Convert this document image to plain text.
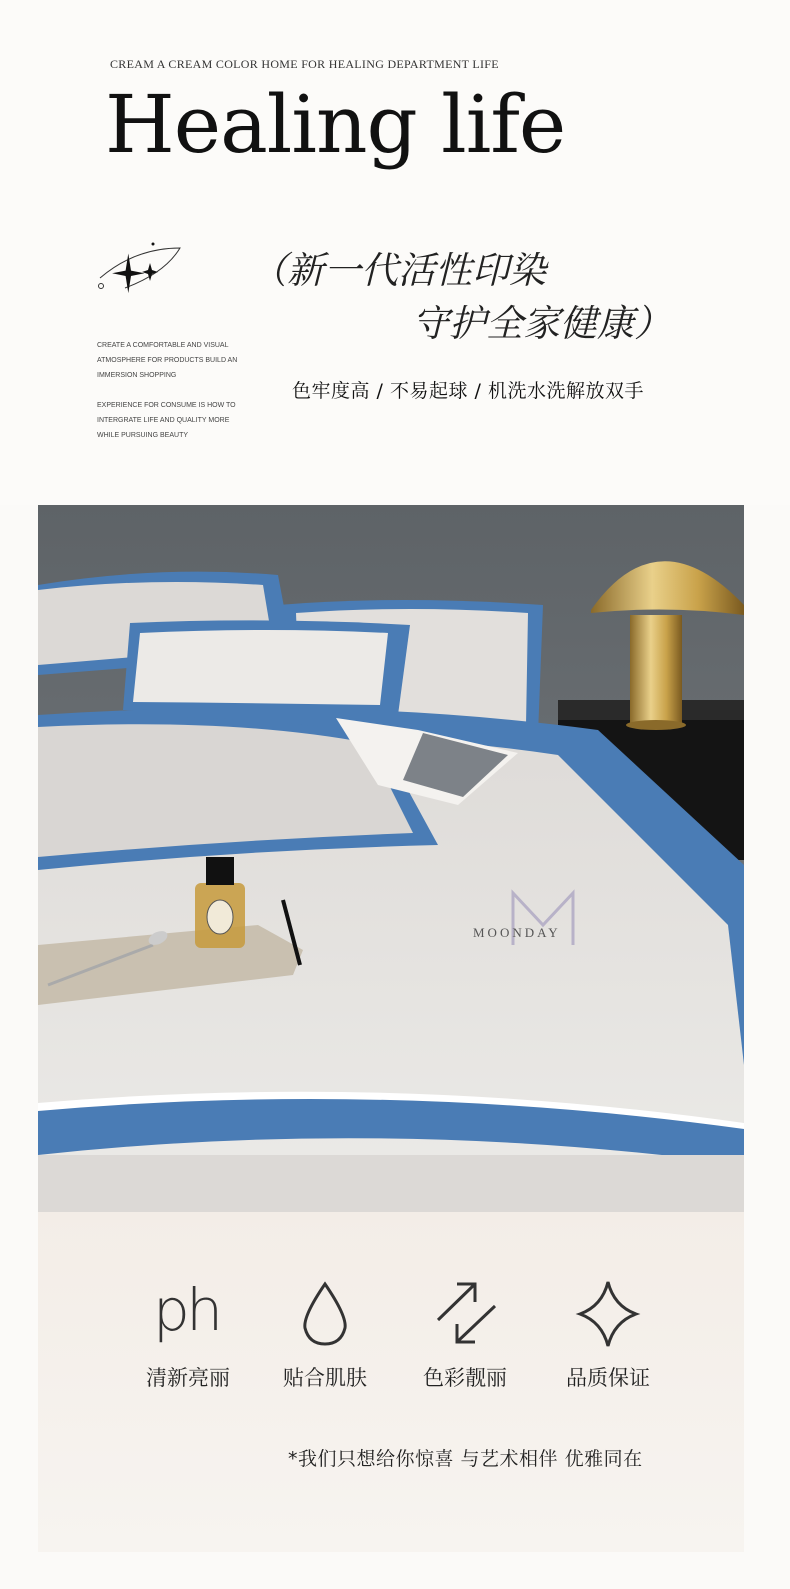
CREAM A CREAM COLOR HOME FOR HEALING DEPARTMENT LIFE
Healing life
CREATE A COMFORTABLE AND VISUAL
ATMOSPHERE FOR PRODUCTS BUILD AN
IMMERSION SHOPPING
EXPERIENCE FOR CONSUME IS HOW TO
INTERGRATE LIFE AND QUALITY MORE
WHILE PURSUING BEAUTY
（新一代活性印染
守护全家健康）
色牢度高 / 不易起球 / 机洗水洗解放双手
MOONDAY
ph
清新亮丽	贴合肌肤	色彩靓丽	品质保证
*我们只想给你惊喜 与艺术相伴 优雅同在
